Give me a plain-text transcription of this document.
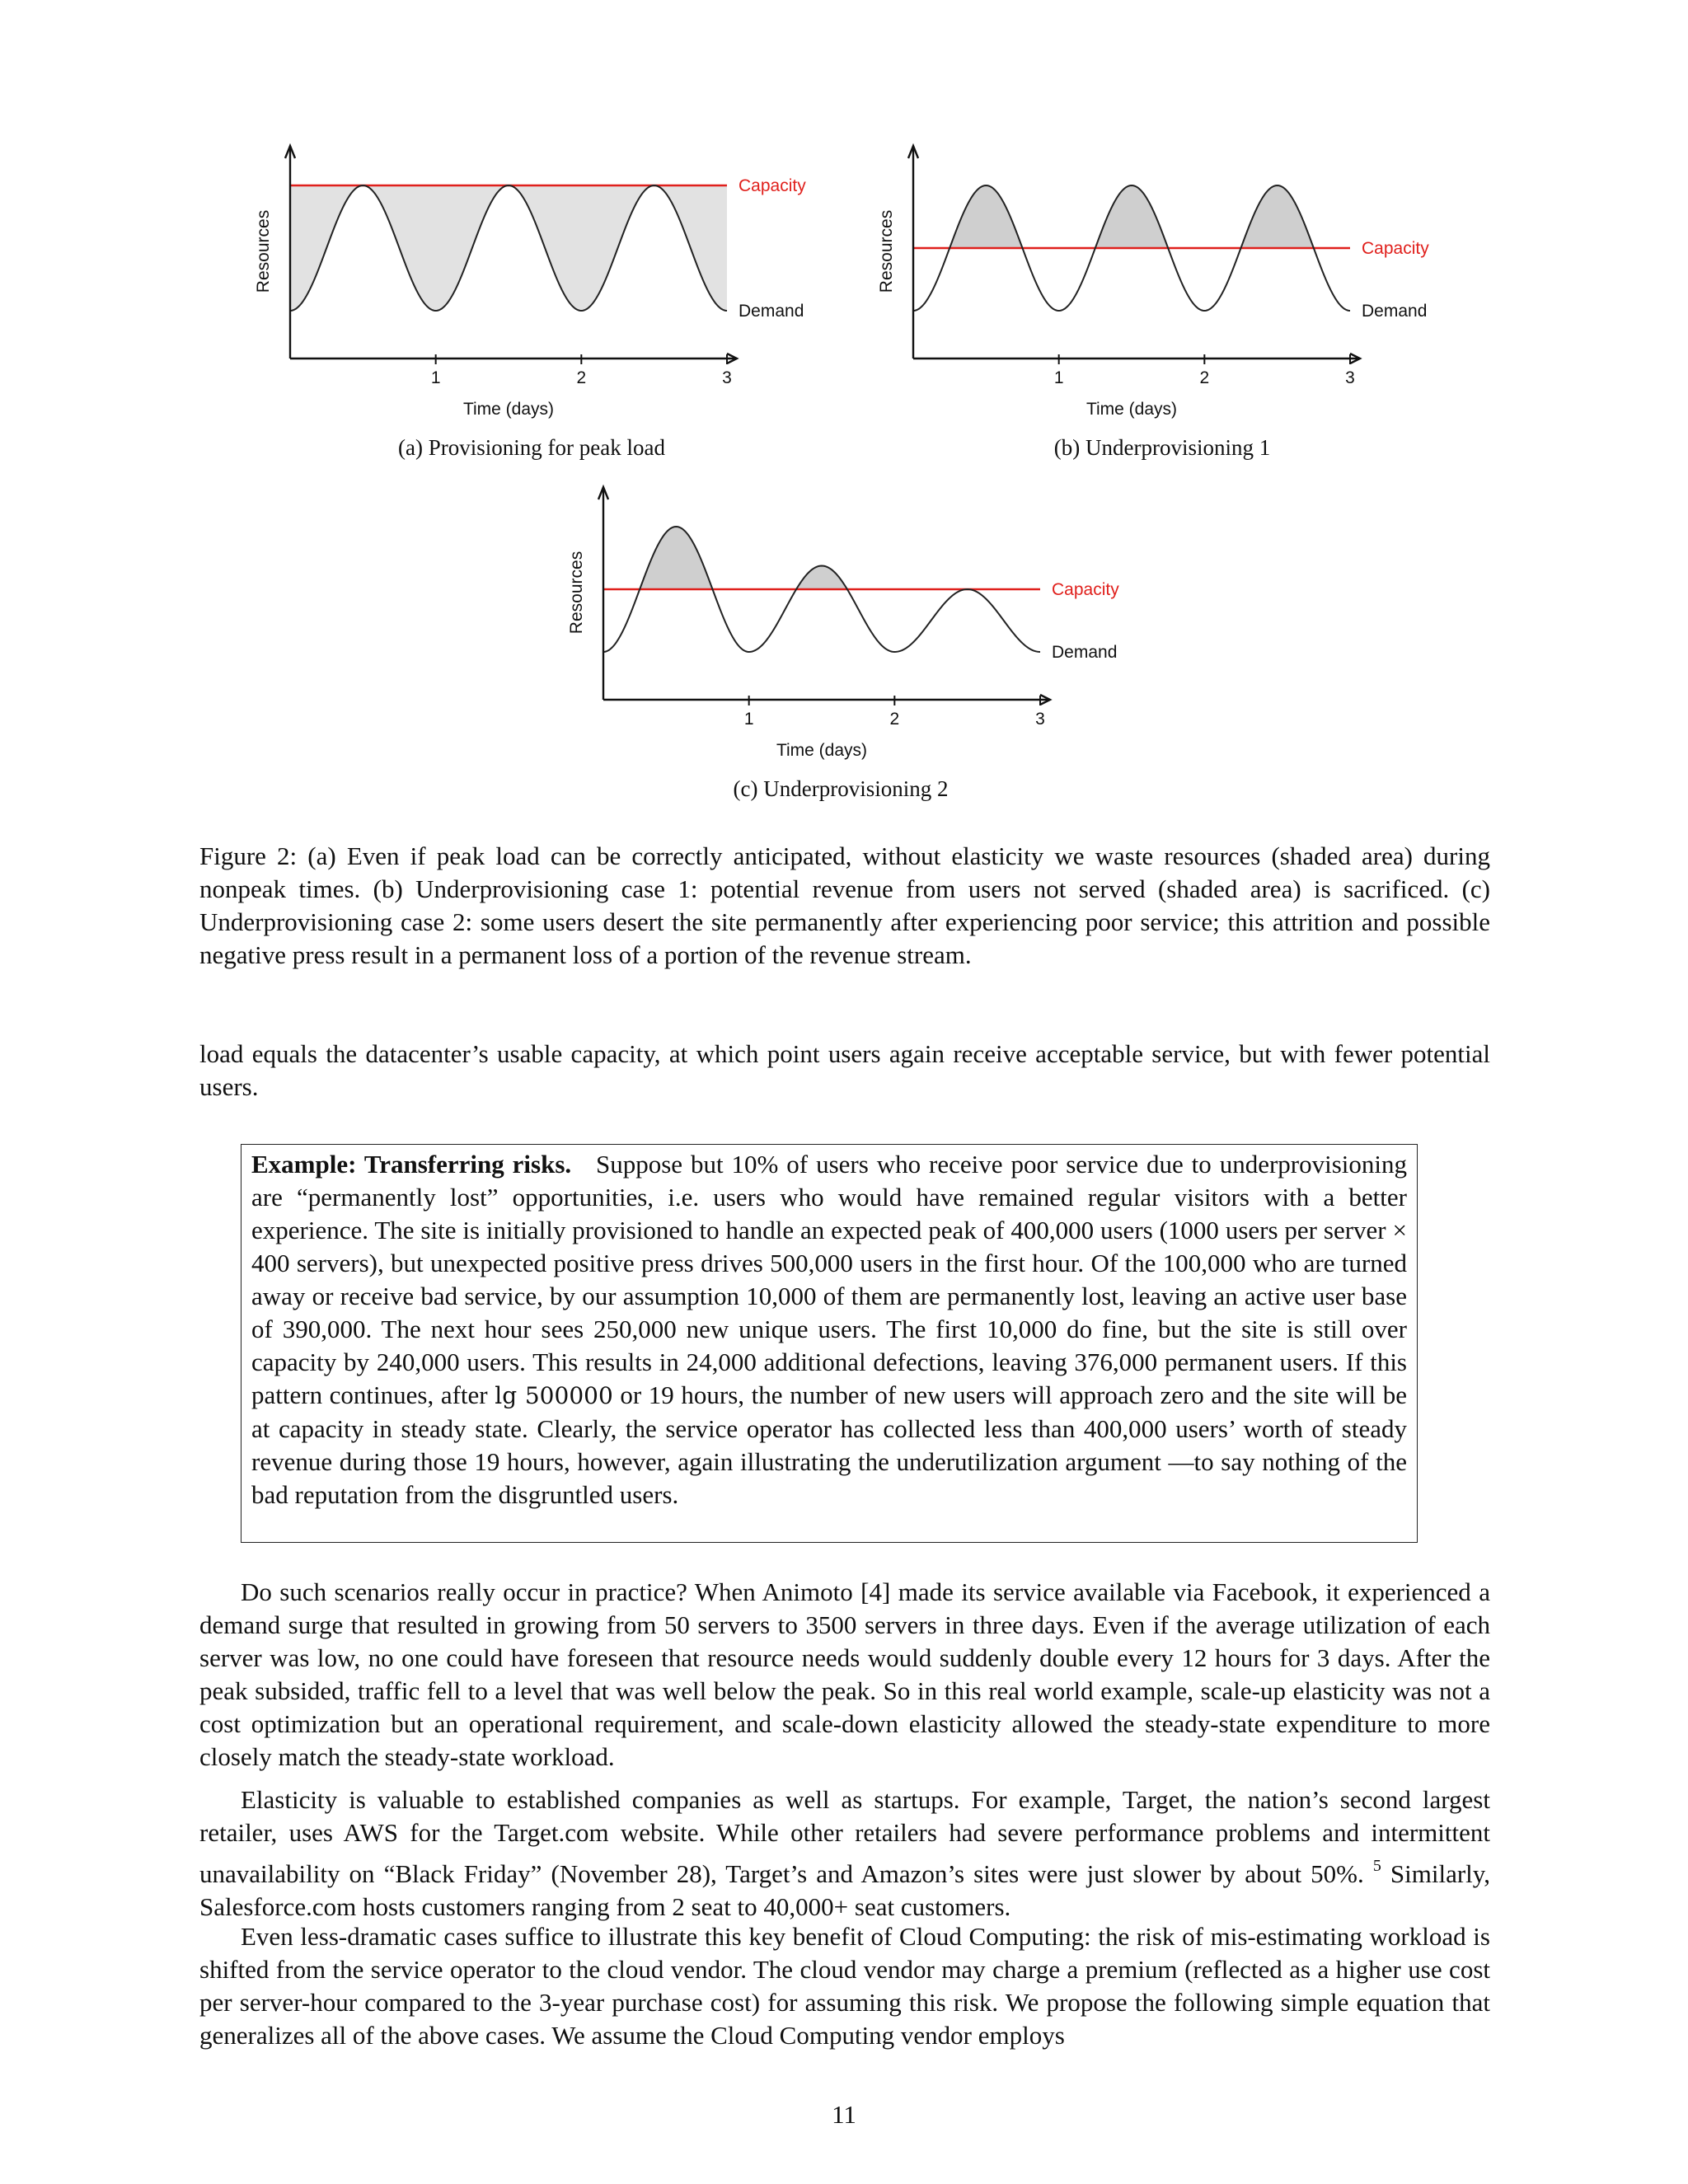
1	2	3
Time (days)
Resources
Capacity
Demand
(a) Provisioning for peak load
1	2	3
Time (days)
Resources	Capacity
Demand
(b) Underprovisioning 1
1	2	3
Time (days)
Resources	Capacity
Demand
(c) Underprovisioning 2

Figure 2: (a) Even if peak load can be correctly anticipated, without elasticity we waste resources (shaded area) during nonpeak times. (b) Underprovisioning case 1: potential revenue from users not served (shaded area) is sacrificed. (c) Underprovisioning case 2: some users desert the site permanently after experiencing poor service; this attrition and possible negative press result in a permanent loss of a portion of the revenue stream.

load equals the datacenter’s usable capacity, at which point users again receive acceptable service, but with fewer potential users.

Example: Transferring risks. Suppose but 10% of users who receive poor service due to underprovisioning are “permanently lost” opportunities, i.e. users who would have remained regular visitors with a better experience. The site is initially provisioned to handle an expected peak of 400,000 users (1000 users per server × 400 servers), but unexpected positive press drives 500,000 users in the first hour. Of the 100,000 who are turned away or receive bad service, by our assumption 10,000 of them are permanently lost, leaving an active user base of 390,000. The next hour sees 250,000 new unique users. The first 10,000 do fine, but the site is still over capacity by 240,000 users. This results in 24,000 additional defections, leaving 376,000 permanent users. If this pattern continues, after lg 500000 or 19 hours, the number of new users will approach zero and the site will be at capacity in steady state. Clearly, the service operator has collected less than 400,000 users’ worth of steady revenue during those 19 hours, however, again illustrating the underutilization argument —to say nothing of the bad reputation from the disgruntled users.

Do such scenarios really occur in practice? When Animoto [4] made its service available via Facebook, it experienced a demand surge that resulted in growing from 50 servers to 3500 servers in three days. Even if the average utilization of each server was low, no one could have foreseen that resource needs would suddenly double every 12 hours for 3 days. After the peak subsided, traffic fell to a level that was well below the peak. So in this real world example, scale-up elasticity was not a cost optimization but an operational requirement, and scale-down elasticity allowed the steady-state expenditure to more closely match the steady-state workload.

Elasticity is valuable to established companies as well as startups. For example, Target, the nation’s second largest retailer, uses AWS for the Target.com website. While other retailers had severe performance problems and intermittent unavailability on “Black Friday” (November 28), Target’s and Amazon’s sites were just slower by about 50%. $^5$ Similarly, Salesforce.com hosts customers ranging from 2 seat to 40,000+ seat customers.

Even less-dramatic cases suffice to illustrate this key benefit of Cloud Computing: the risk of mis-estimating workload is shifted from the service operator to the cloud vendor. The cloud vendor may charge a premium (reflected as a higher use cost per server-hour compared to the 3-year purchase cost) for assuming this risk. We propose the following simple equation that generalizes all of the above cases. We assume the Cloud Computing vendor employs

11
